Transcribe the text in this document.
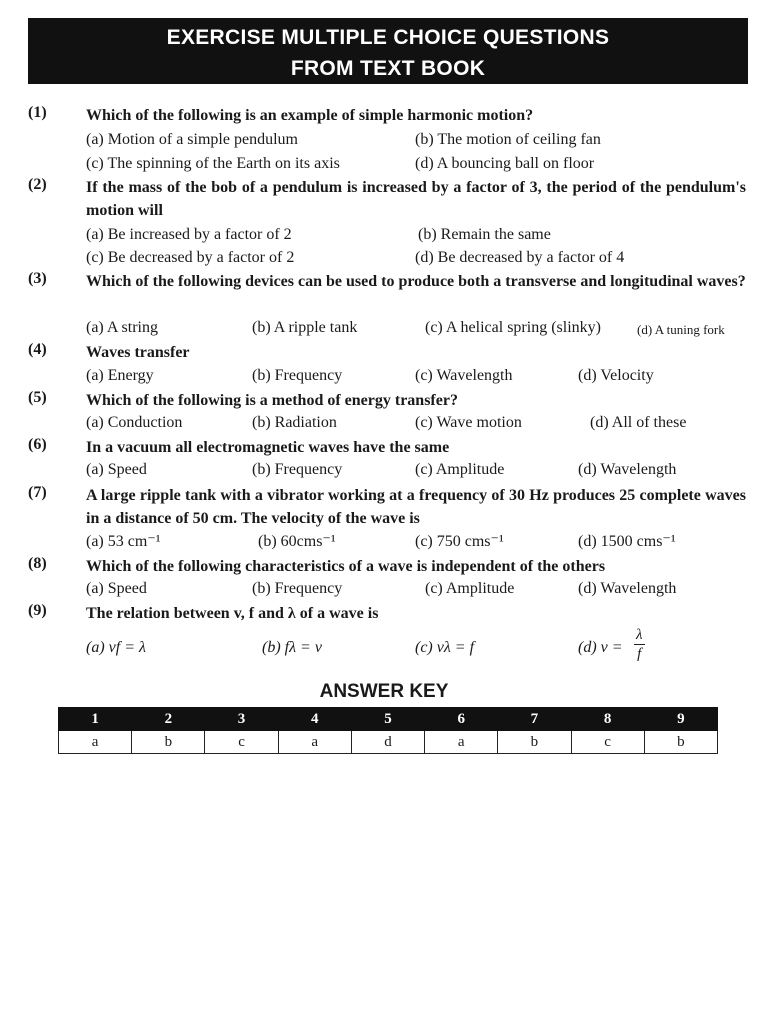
EXERCISE MULTIPLE CHOICE QUESTIONS
FROM TEXT BOOK
(1)	Which of the following is an example of simple harmonic motion?
(a) Motion of a simple pendulum	(b) The motion of ceiling fan
(c) The spinning of the Earth on its axis	(d) A bouncing ball on floor
(2)	If the mass of the bob of a pendulum is increased by a factor of 3, the period of the pendulum's motion will
(a) Be increased by a factor of 2	(b) Remain the same
(c) Be decreased by a factor of 2	(d) Be decreased by a factor of 4
(3)	Which of the following devices can be used to produce both a transverse and longitudinal waves?
(a) A string	(b) A ripple tank	(c) A helical spring (slinky)	(d) A tuning fork
(4)	Waves transfer
(a) Energy	(b) Frequency	(c) Wavelength	(d) Velocity
(5)	Which of the following is a method of energy transfer?
(a) Conduction	(b) Radiation	(c) Wave motion	(d) All of these
(6)	In a vacuum all electromagnetic waves have the same
(a) Speed	(b) Frequency	(c) Amplitude	(d) Wavelength
(7)	A large ripple tank with a vibrator working at a frequency of 30 Hz produces 25 complete waves in a distance of 50 cm. The velocity of the wave is
(a) 53 cm⁻¹	(b) 60cms⁻¹	(c) 750 cms⁻¹	(d) 1500 cms⁻¹
(8)	Which of the following characteristics of a wave is independent of the others
(a) Speed	(b) Frequency	(c) Amplitude	(d) Wavelength
(9)	The relation between v, f and λ of a wave is
(a) vf = λ	(b) fλ = v	(c) vλ = f	(d) $v = \frac{\lambda}{f}$
ANSWER KEY
1	2	3	4	5	6	7	8	9
a	b	c	a	d	a	b	c	b
